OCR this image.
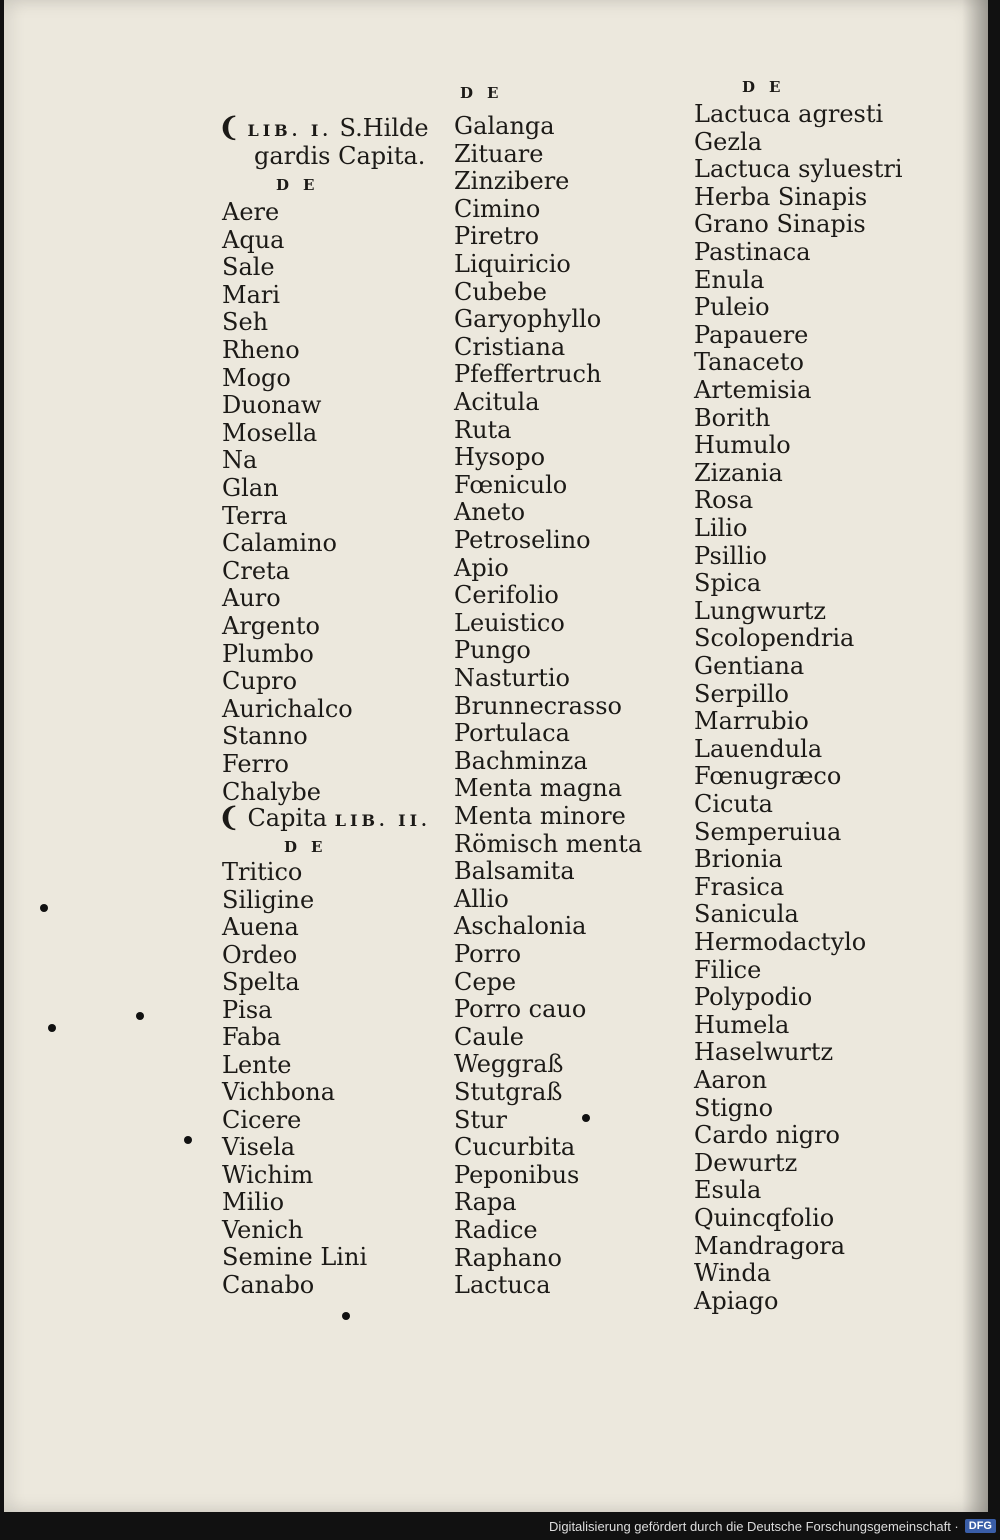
❨ LIB. I. S.Hilde
gardis Capita.
DE
Aere
Aqua
Sale
Mari
Seh
Rheno
Mogo
Duonaw
Mosella
Na
Glan
Terra
Calamino
Creta
Auro
Argento
Plumbo
Cupro
Aurichalco
Stanno
Ferro
Chalybe
❨ Capita LIB. II.
DE
Tritico
Siligine
Auena
Ordeo
Spelta
Pisa
Faba
Lente
Vichbona
Cicere
Visela
Wichim
Milio
Venich
Semine Lini
Canabo
DE
Galanga
Zituare
Zinzibere
Cimino
Piretro
Liquiricio
Cubebe
Garyophyllo
Cristiana
Pfeffertruch
Acitula
Ruta
Hysopo
Fœniculo
Aneto
Petroselino
Apio
Cerifolio
Leuistico
Pungo
Nasturtio
Brunnecrasso
Portulaca
Bachminza
Menta magna
Menta minore
Römisch menta
Balsamita
Allio
Aschalonia
Porro
Cepe
Porro cauo
Caule
Weggraß
Stutgraß
Stur
Cucurbita
Peponibus
Rapa
Radice
Raphano
Lactuca
DE
Lactuca agresti
Gezla
Lactuca syluestri
Herba Sinapis
Grano Sinapis
Pastinaca
Enula
Puleio
Papauere
Tanaceto
Artemisia
Borith
Humulo
Zizania
Rosa
Lilio
Psillio
Spica
Lungwurtz
Scolopendria
Gentiana
Serpillo
Marrubio
Lauendula
Fœnugræco
Cicuta
Semperuiua
Brionia
Frasica
Sanicula
Hermodactylo
Filice
Polypodio
Humela
Haselwurtz
Aaron
Stigno
Cardo nigro
Dewurtz
Esula
Quincqfolio
Mandragora
Winda
Apiago
Digitalisierung gefördert durch die Deutsche Forschungsgemeinschaft · DFG
